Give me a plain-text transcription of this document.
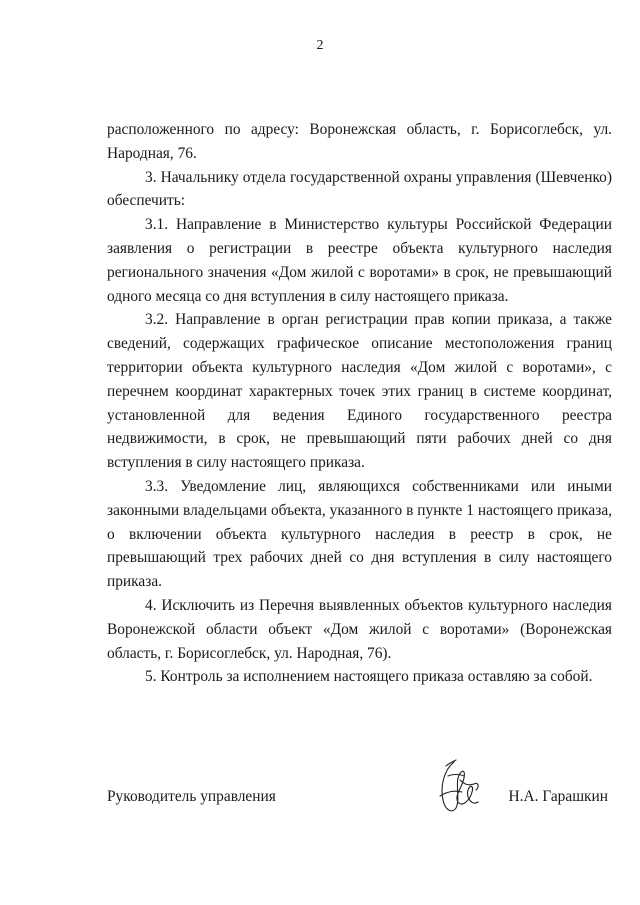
2

расположенного по адресу: Воронежская область, г. Борисоглебск, ул. Народная, 76.

3. Начальнику отдела государственной охраны управления (Шевченко) обеспечить:

3.1. Направление в Министерство культуры Российской Федерации заявления о регистрации в реестре объекта культурного наследия регионального значения «Дом жилой с воротами» в срок, не превышающий одного месяца со дня вступления в силу настоящего приказа.

3.2. Направление в орган регистрации прав копии приказа, а также сведений, содержащих графическое описание местоположения границ территории объекта культурного наследия «Дом жилой с воротами», с перечнем координат характерных точек этих границ в системе координат, установленной для ведения Единого государственного реестра недвижимости, в срок, не превышающий пяти рабочих дней со дня вступления в силу настоящего приказа.

3.3. Уведомление лиц, являющихся собственниками или иными законными владельцами объекта, указанного в пункте 1 настоящего приказа, о включении объекта культурного наследия в реестр в срок, не превышающий трех рабочих дней со дня вступления в силу настоящего приказа.

4. Исключить из Перечня выявленных объектов культурного наследия Воронежской области объект «Дом жилой с воротами» (Воронежская область, г. Борисоглебск, ул. Народная, 76).

5. Контроль за исполнением настоящего приказа оставляю за собой.

Руководитель управления	Н.А. Гарашкин
